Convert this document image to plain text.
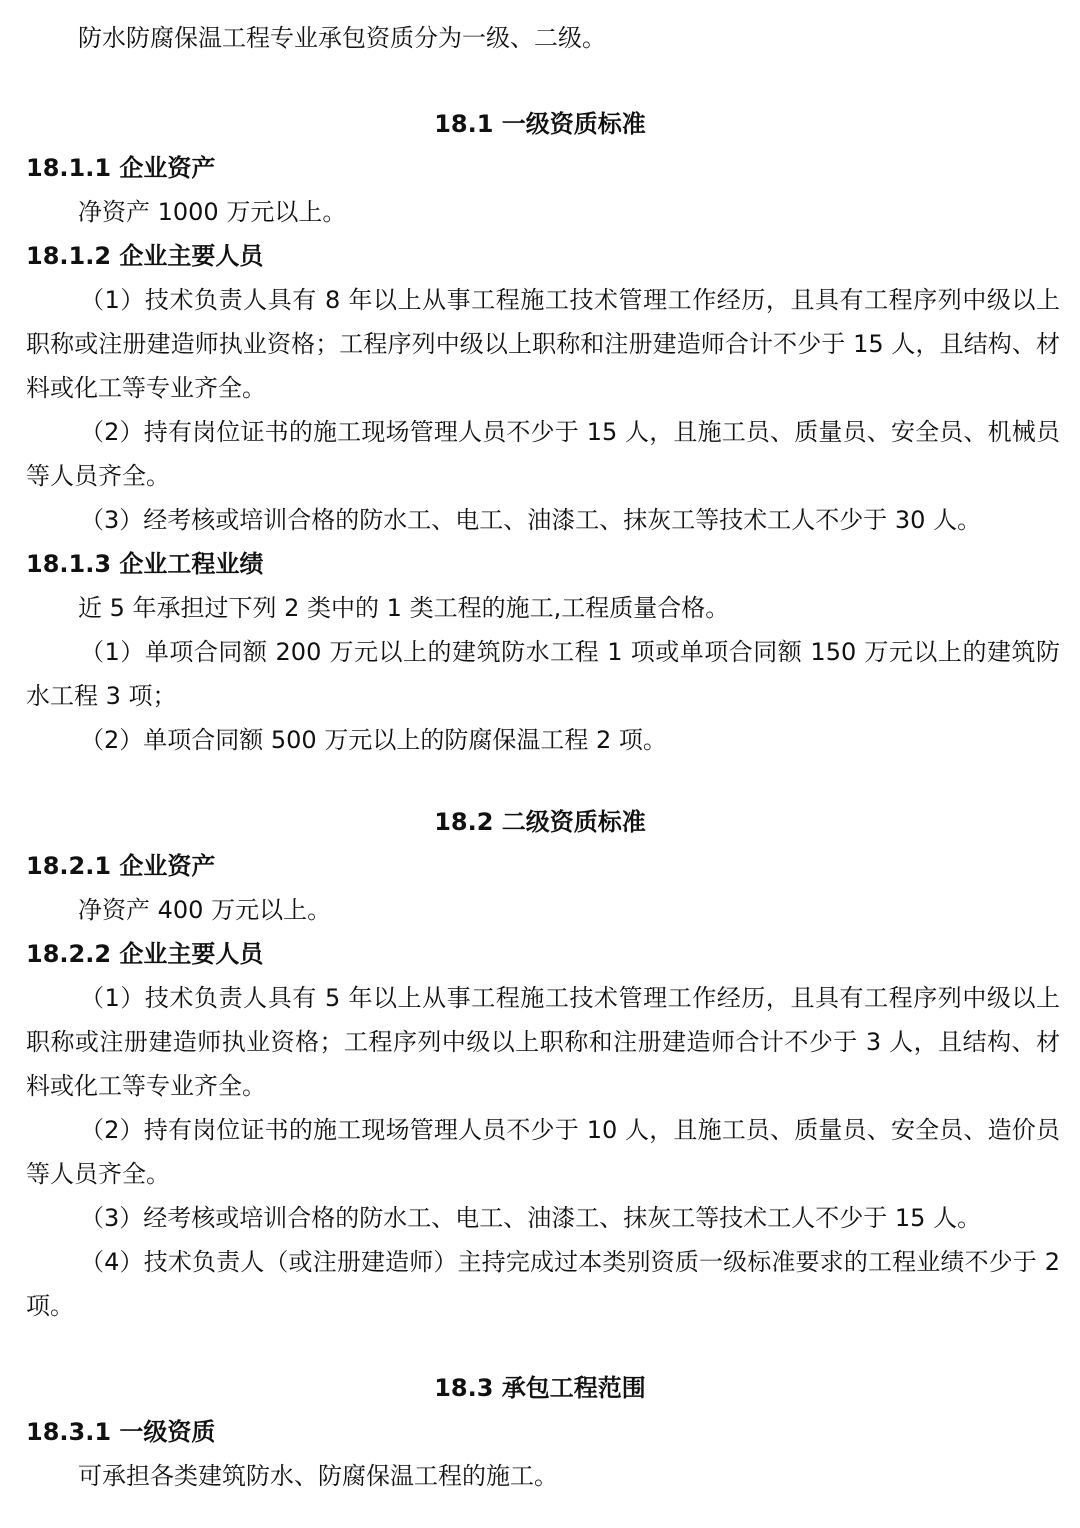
防水防腐保温工程专业承包资质分为一级、二级。
18.1 一级资质标准
18.1.1 企业资产
净资产 1000 万元以上。
18.1.2 企业主要人员
（1）技术负责人具有 8 年以上从事工程施工技术管理工作经历，且具有工程序列中级以上职称或注册建造师执业资格；工程序列中级以上职称和注册建造师合计不少于 15 人，且结构、材料或化工等专业齐全。
（2）持有岗位证书的施工现场管理人员不少于 15 人，且施工员、质量员、安全员、机械员等人员齐全。
（3）经考核或培训合格的防水工、电工、油漆工、抹灰工等技术工人不少于 30 人。
18.1.3 企业工程业绩
近 5 年承担过下列 2 类中的 1 类工程的施工,工程质量合格。
（1）单项合同额 200 万元以上的建筑防水工程 1 项或单项合同额 150 万元以上的建筑防水工程 3 项；
（2）单项合同额 500 万元以上的防腐保温工程 2 项。
18.2 二级资质标准
18.2.1 企业资产
净资产 400 万元以上。
18.2.2 企业主要人员
（1）技术负责人具有 5 年以上从事工程施工技术管理工作经历，且具有工程序列中级以上职称或注册建造师执业资格；工程序列中级以上职称和注册建造师合计不少于 3 人，且结构、材料或化工等专业齐全。
（2）持有岗位证书的施工现场管理人员不少于 10 人，且施工员、质量员、安全员、造价员等人员齐全。
（3）经考核或培训合格的防水工、电工、油漆工、抹灰工等技术工人不少于 15 人。
（4）技术负责人（或注册建造师）主持完成过本类别资质一级标准要求的工程业绩不少于 2 项。
18.3 承包工程范围
18.3.1 一级资质
可承担各类建筑防水、防腐保温工程的施工。
